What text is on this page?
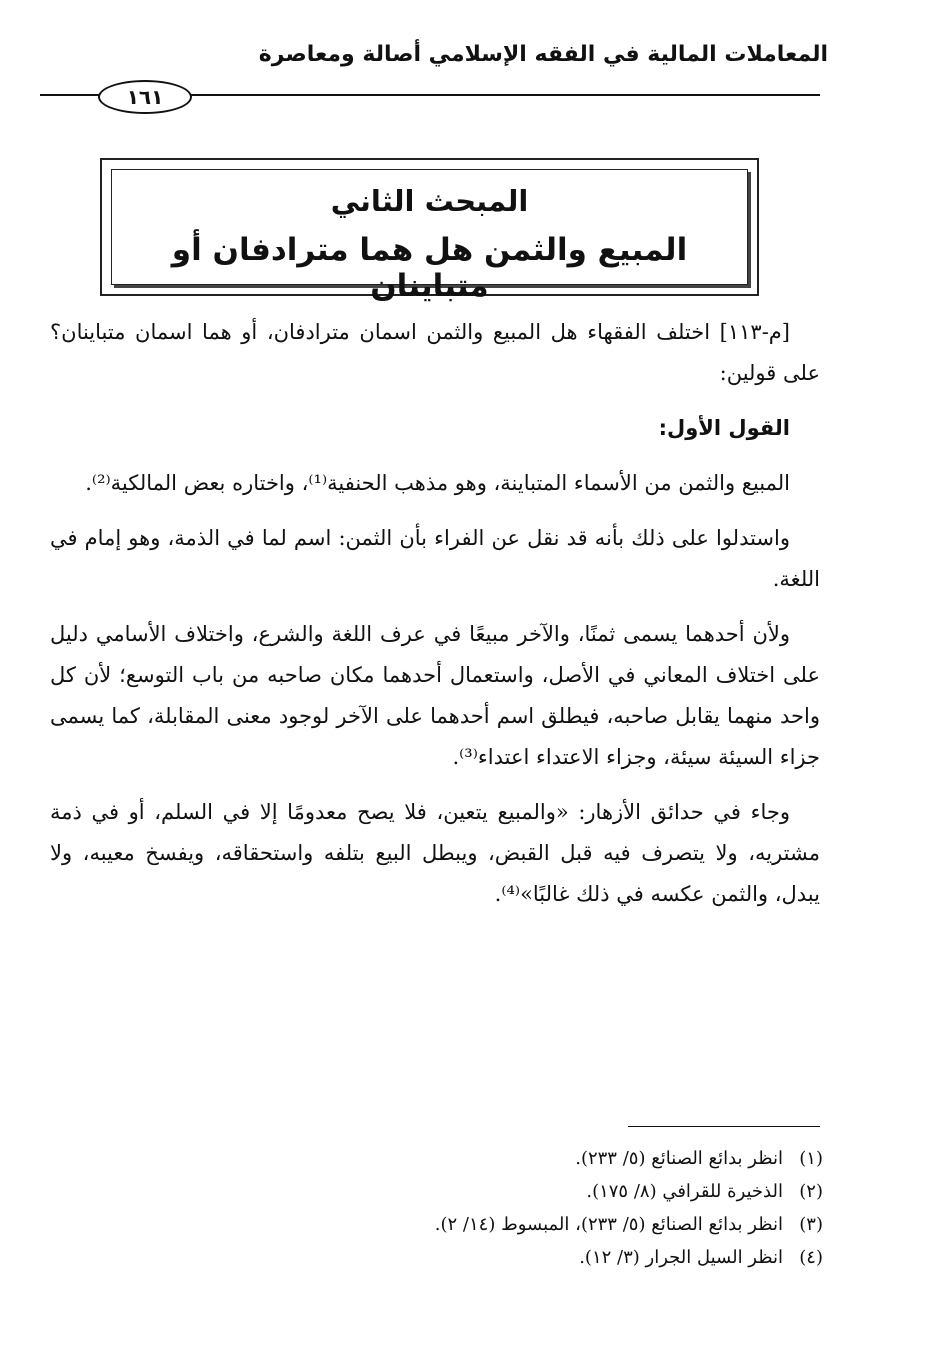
المعاملات المالية في الفقه الإسلامي أصالة ومعاصرة
١٦١
المبحث الثاني
المبيع والثمن هل هما مترادفان أو متباينان

[م-١١٣] اختلف الفقهاء هل المبيع والثمن اسمان مترادفان، أو هما اسمان متباينان؟ على قولين:

القول الأول:

المبيع والثمن من الأسماء المتباينة، وهو مذهب الحنفية⁽¹⁾، واختاره بعض المالكية⁽²⁾.

واستدلوا على ذلك بأنه قد نقل عن الفراء بأن الثمن: اسم لما في الذمة، وهو إمام في اللغة.

ولأن أحدهما يسمى ثمنًا، والآخر مبيعًا في عرف اللغة والشرع، واختلاف الأسامي دليل على اختلاف المعاني في الأصل، واستعمال أحدهما مكان صاحبه من باب التوسع؛ لأن كل واحد منهما يقابل صاحبه، فيطلق اسم أحدهما على الآخر لوجود معنى المقابلة، كما يسمى جزاء السيئة سيئة، وجزاء الاعتداء اعتداء⁽³⁾.

وجاء في حدائق الأزهار: «والمبيع يتعين، فلا يصح معدومًا إلا في السلم، أو في ذمة مشتريه، ولا يتصرف فيه قبل القبض، ويبطل البيع بتلفه واستحقاقه، ويفسخ معيبه، ولا يبدل، والثمن عكسه في ذلك غالبًا»⁽⁴⁾.

(١)
انظر بدائع الصنائع (٥/ ٢٣٣).
(٢)
الذخيرة للقرافي (٨/ ١٧٥).
(٣)
انظر بدائع الصنائع (٥/ ٢٣٣)، المبسوط (١٤/ ٢).
(٤)
انظر السيل الجرار (٣/ ١٢).
